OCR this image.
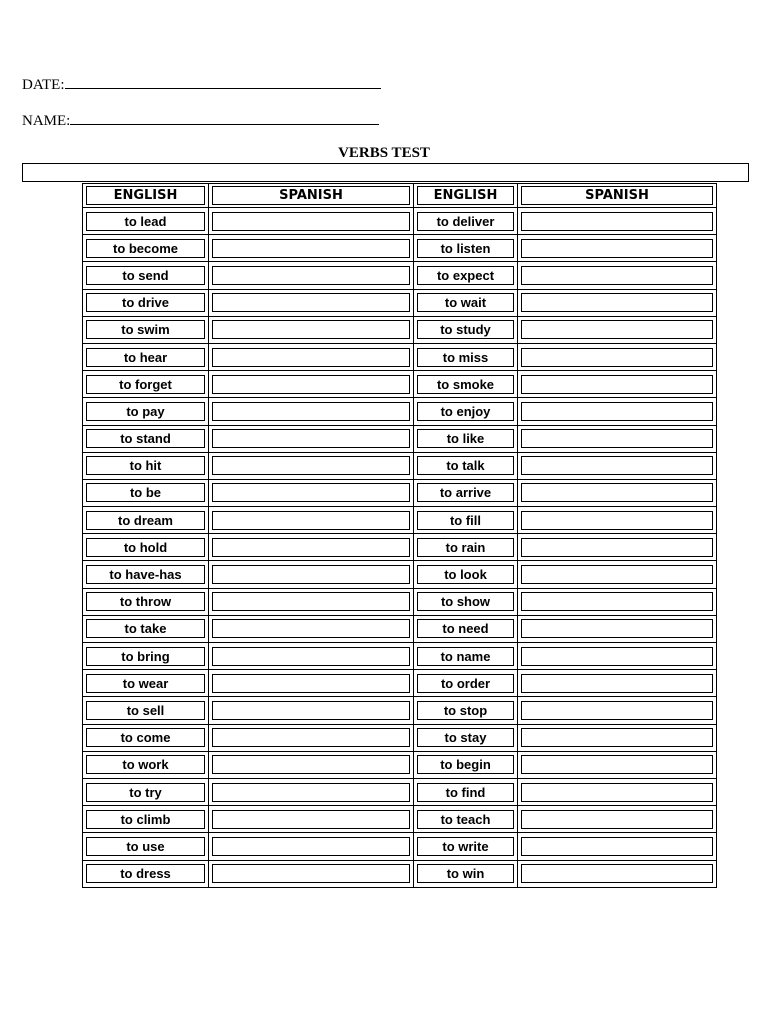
DATE:
NAME:
VERBS TEST
ENGLISH	SPANISH	ENGLISH	SPANISH

to lead		to deliver	

to become		to listen	

to send		to expect	

to drive		to wait	

to swim		to study	

to hear		to miss	

to forget		to smoke	

to pay		to enjoy	

to stand		to like	

to hit		to talk	

to be		to arrive	

to dream		to fill	

to hold		to rain	

to have-has		to look	

to throw		to show	

to take		to need	

to bring		to name	

to wear		to order	

to sell		to stop	

to come		to stay	

to work		to begin	

to try		to find	

to climb		to teach	

to use		to write	

to dress		to win	
